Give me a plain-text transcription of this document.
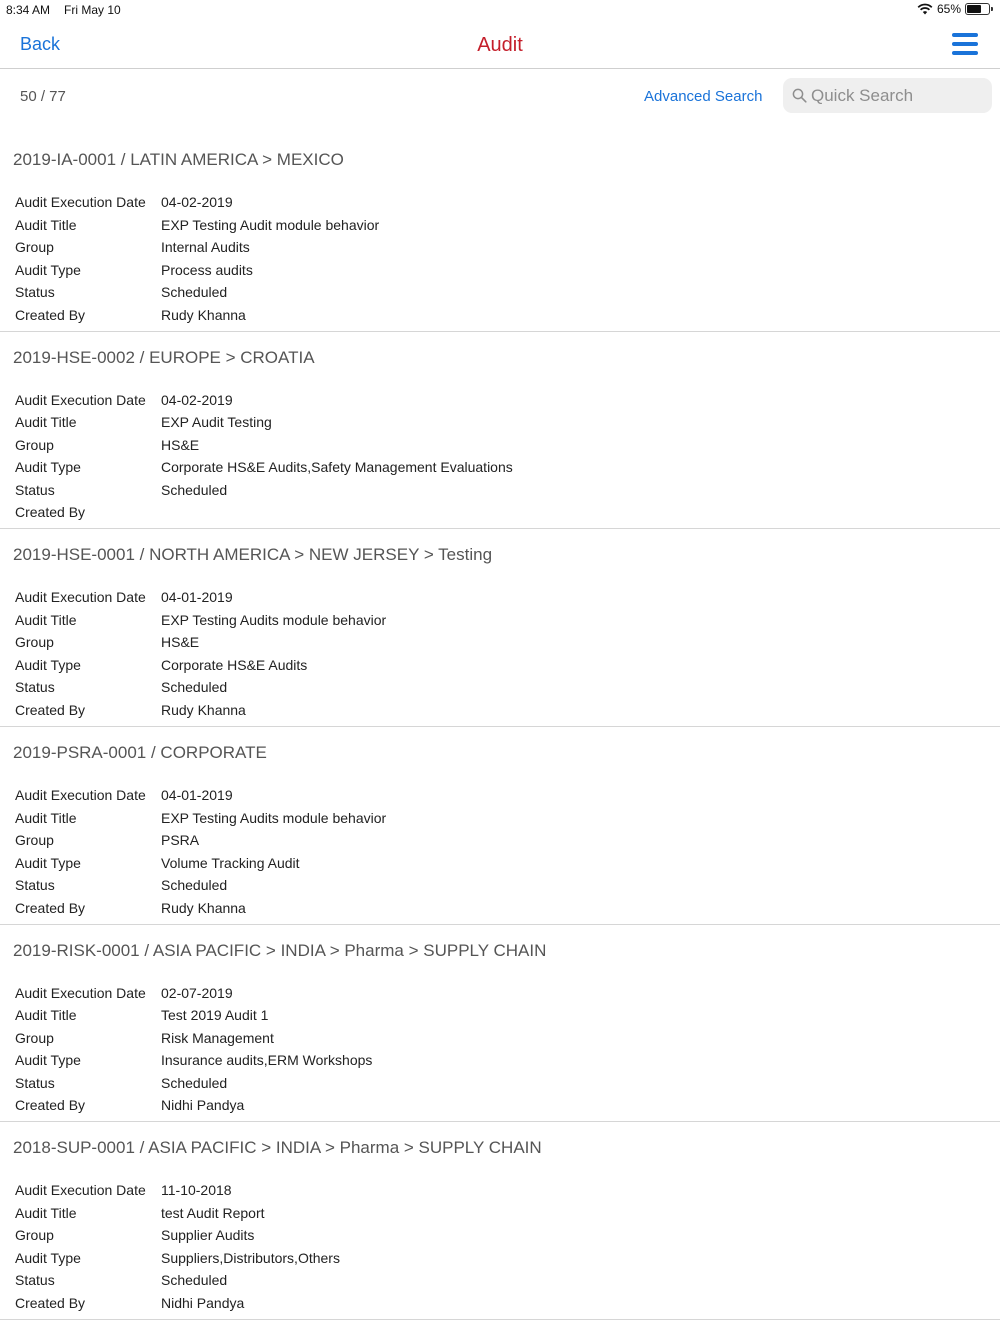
8:34 AM Fri May 10	65%
Back	Audit
50 / 77	Advanced Search
Quick Search
2019-IA-0001 / LATIN AMERICA > MEXICO
Audit Execution Date	04-02-2019
Audit Title	EXP Testing Audit module behavior
Group	Internal Audits
Audit Type	Process audits
Status	Scheduled
Created By	Rudy Khanna
2019-HSE-0002 / EUROPE > CROATIA
Audit Execution Date	04-02-2019
Audit Title	EXP Audit Testing
Group	HS&E
Audit Type	Corporate HS&E Audits,Safety Management Evaluations
Status	Scheduled
Created By
2019-HSE-0001 / NORTH AMERICA > NEW JERSEY > Testing
Audit Execution Date	04-01-2019
Audit Title	EXP Testing Audits module behavior
Group	HS&E
Audit Type	Corporate HS&E Audits
Status	Scheduled
Created By	Rudy Khanna
2019-PSRA-0001 / CORPORATE
Audit Execution Date	04-01-2019
Audit Title	EXP Testing Audits module behavior
Group	PSRA
Audit Type	Volume Tracking Audit
Status	Scheduled
Created By	Rudy Khanna
2019-RISK-0001 / ASIA PACIFIC > INDIA > Pharma > SUPPLY CHAIN
Audit Execution Date	02-07-2019
Audit Title	Test 2019 Audit 1
Group	Risk Management
Audit Type	Insurance audits,ERM Workshops
Status	Scheduled
Created By	Nidhi Pandya
2018-SUP-0001 / ASIA PACIFIC > INDIA > Pharma > SUPPLY CHAIN
Audit Execution Date	11-10-2018
Audit Title	test Audit Report
Group	Supplier Audits
Audit Type	Suppliers,Distributors,Others
Status	Scheduled
Created By	Nidhi Pandya
